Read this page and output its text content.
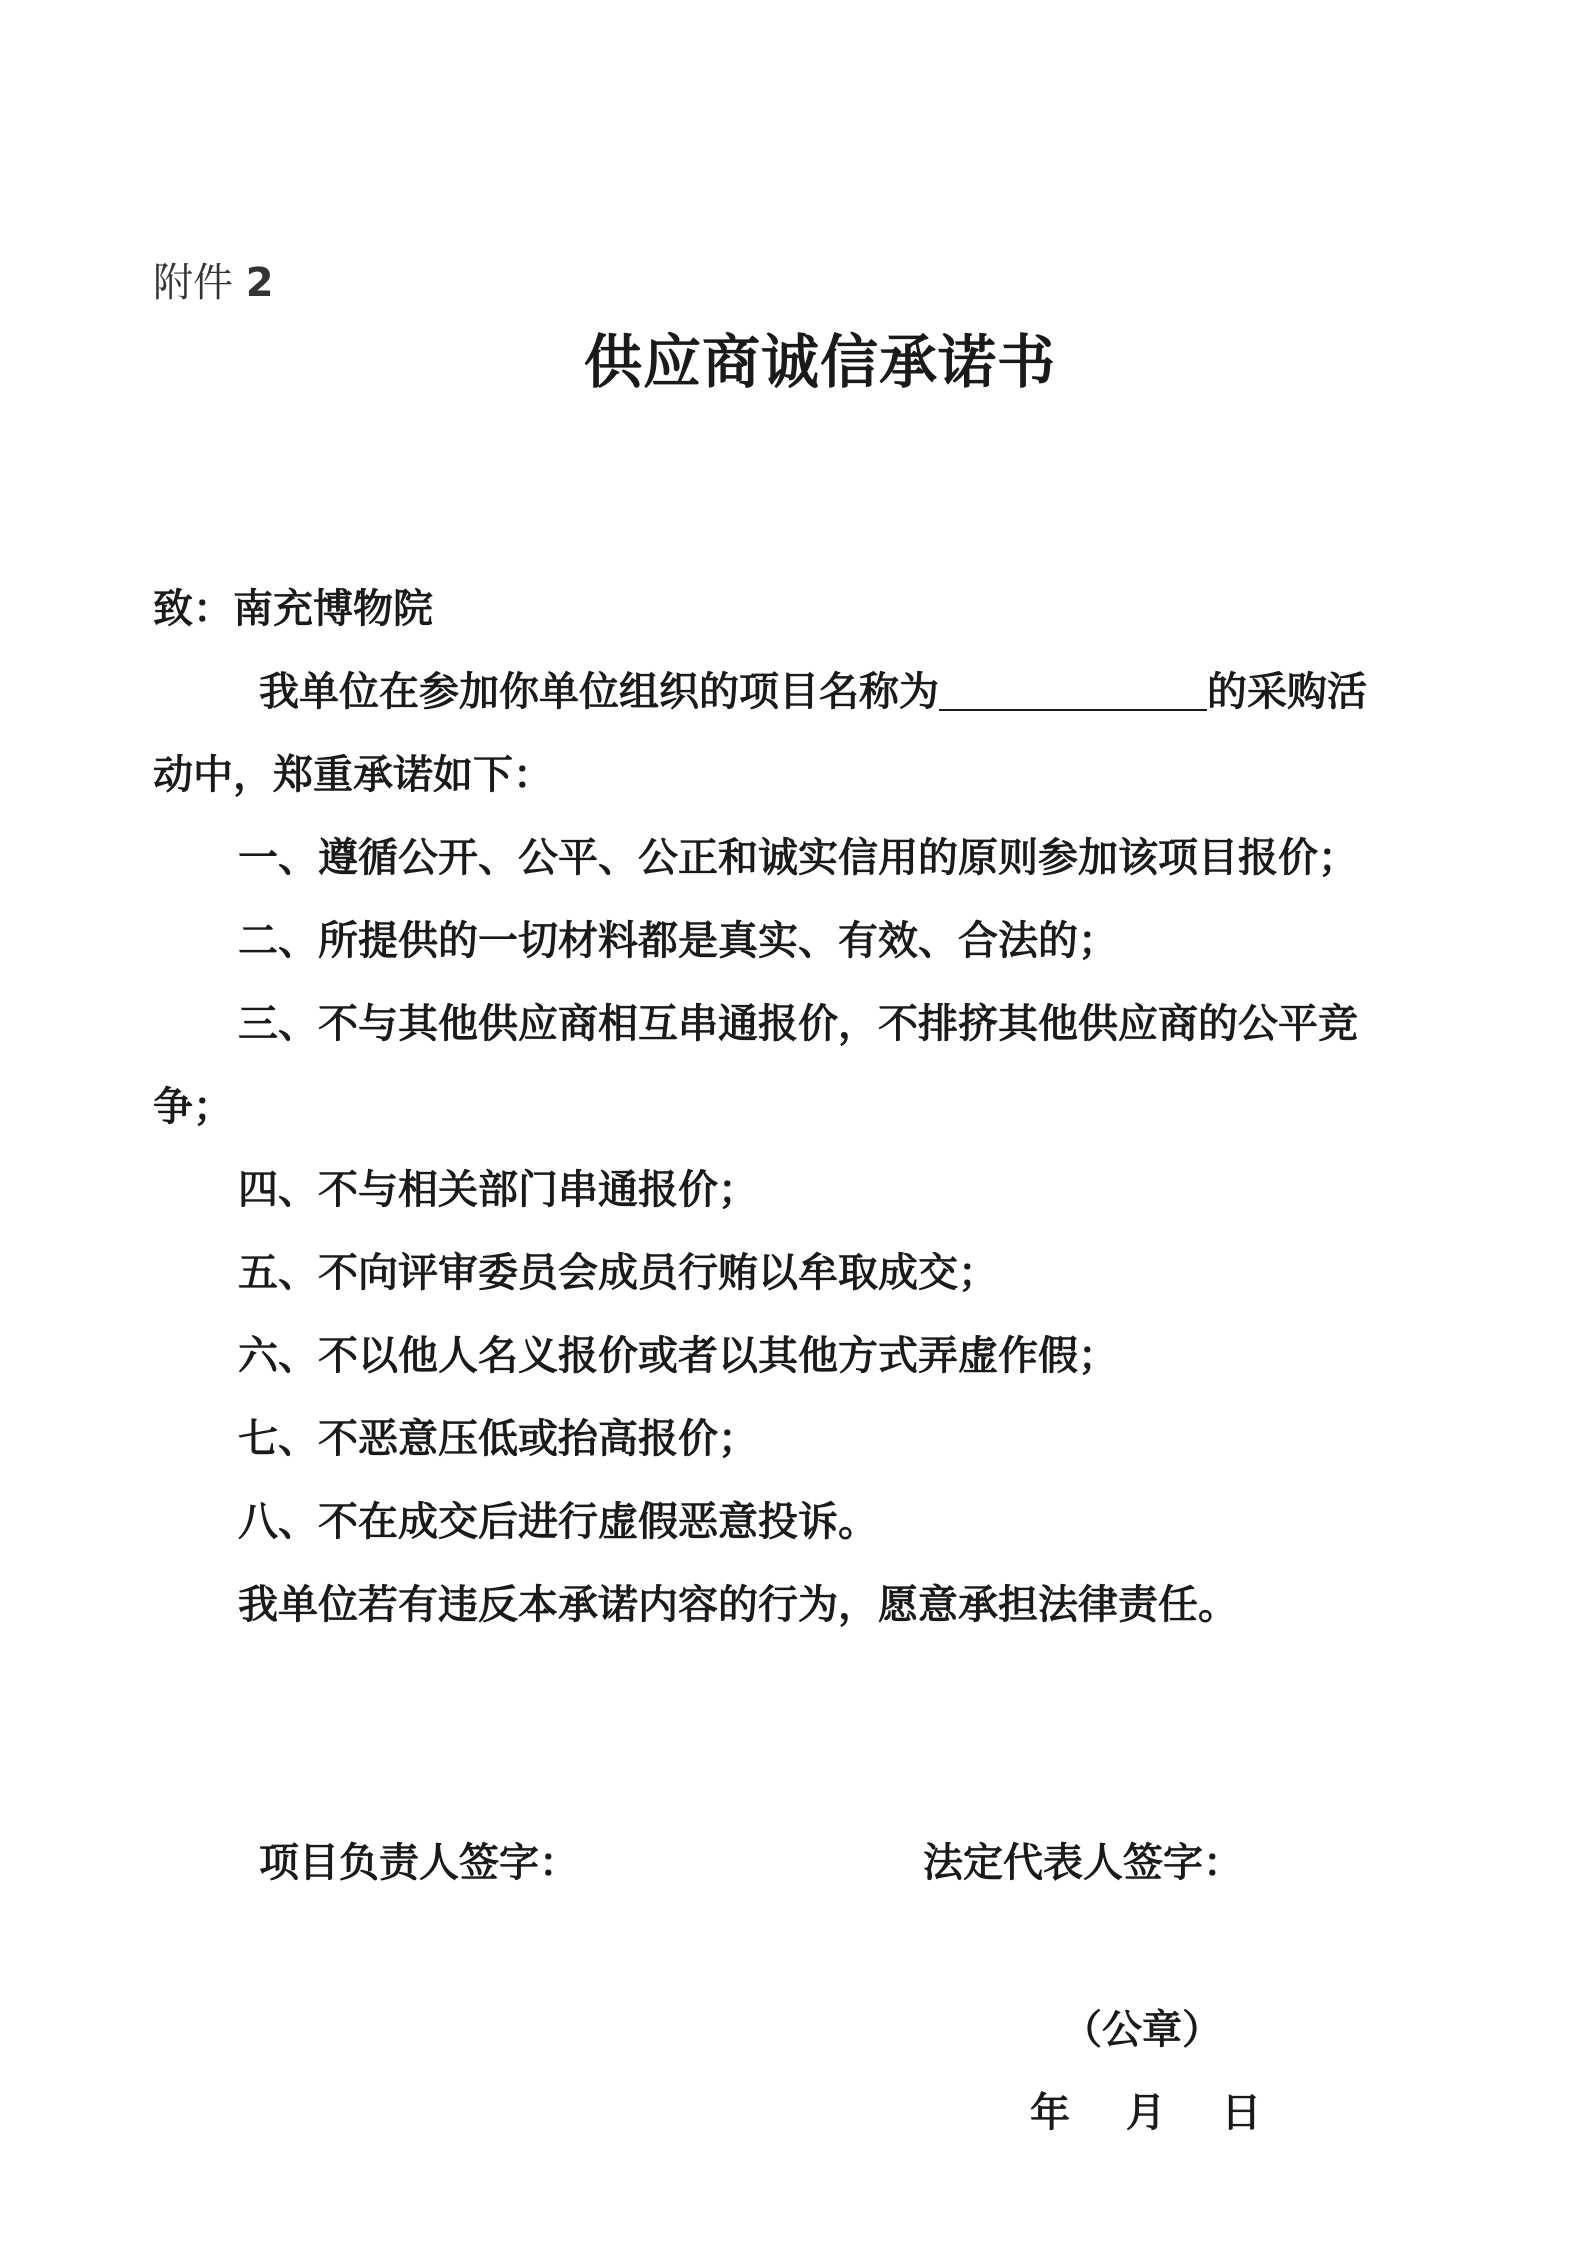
附件 2
供应商诚信承诺书
致：南充博物院
我单位在参加你单位组织的项目名称为	的采购活
动中，郑重承诺如下：
一、遵循公开、公平、公正和诚实信用的原则参加该项目报价；
二、所提供的一切材料都是真实、有效、合法的；
三、不与其他供应商相互串通报价，不排挤其他供应商的公平竞
争；
四、不与相关部门串通报价；
五、不向评审委员会成员行贿以牟取成交；
六、不以他人名义报价或者以其他方式弄虚作假；
七、不恶意压低或抬高报价；
八、不在成交后进行虚假恶意投诉。
我单位若有违反本承诺内容的行为，愿意承担法律责任。
项目负责人签字：	法定代表人签字：
（公章）
年    月    日
